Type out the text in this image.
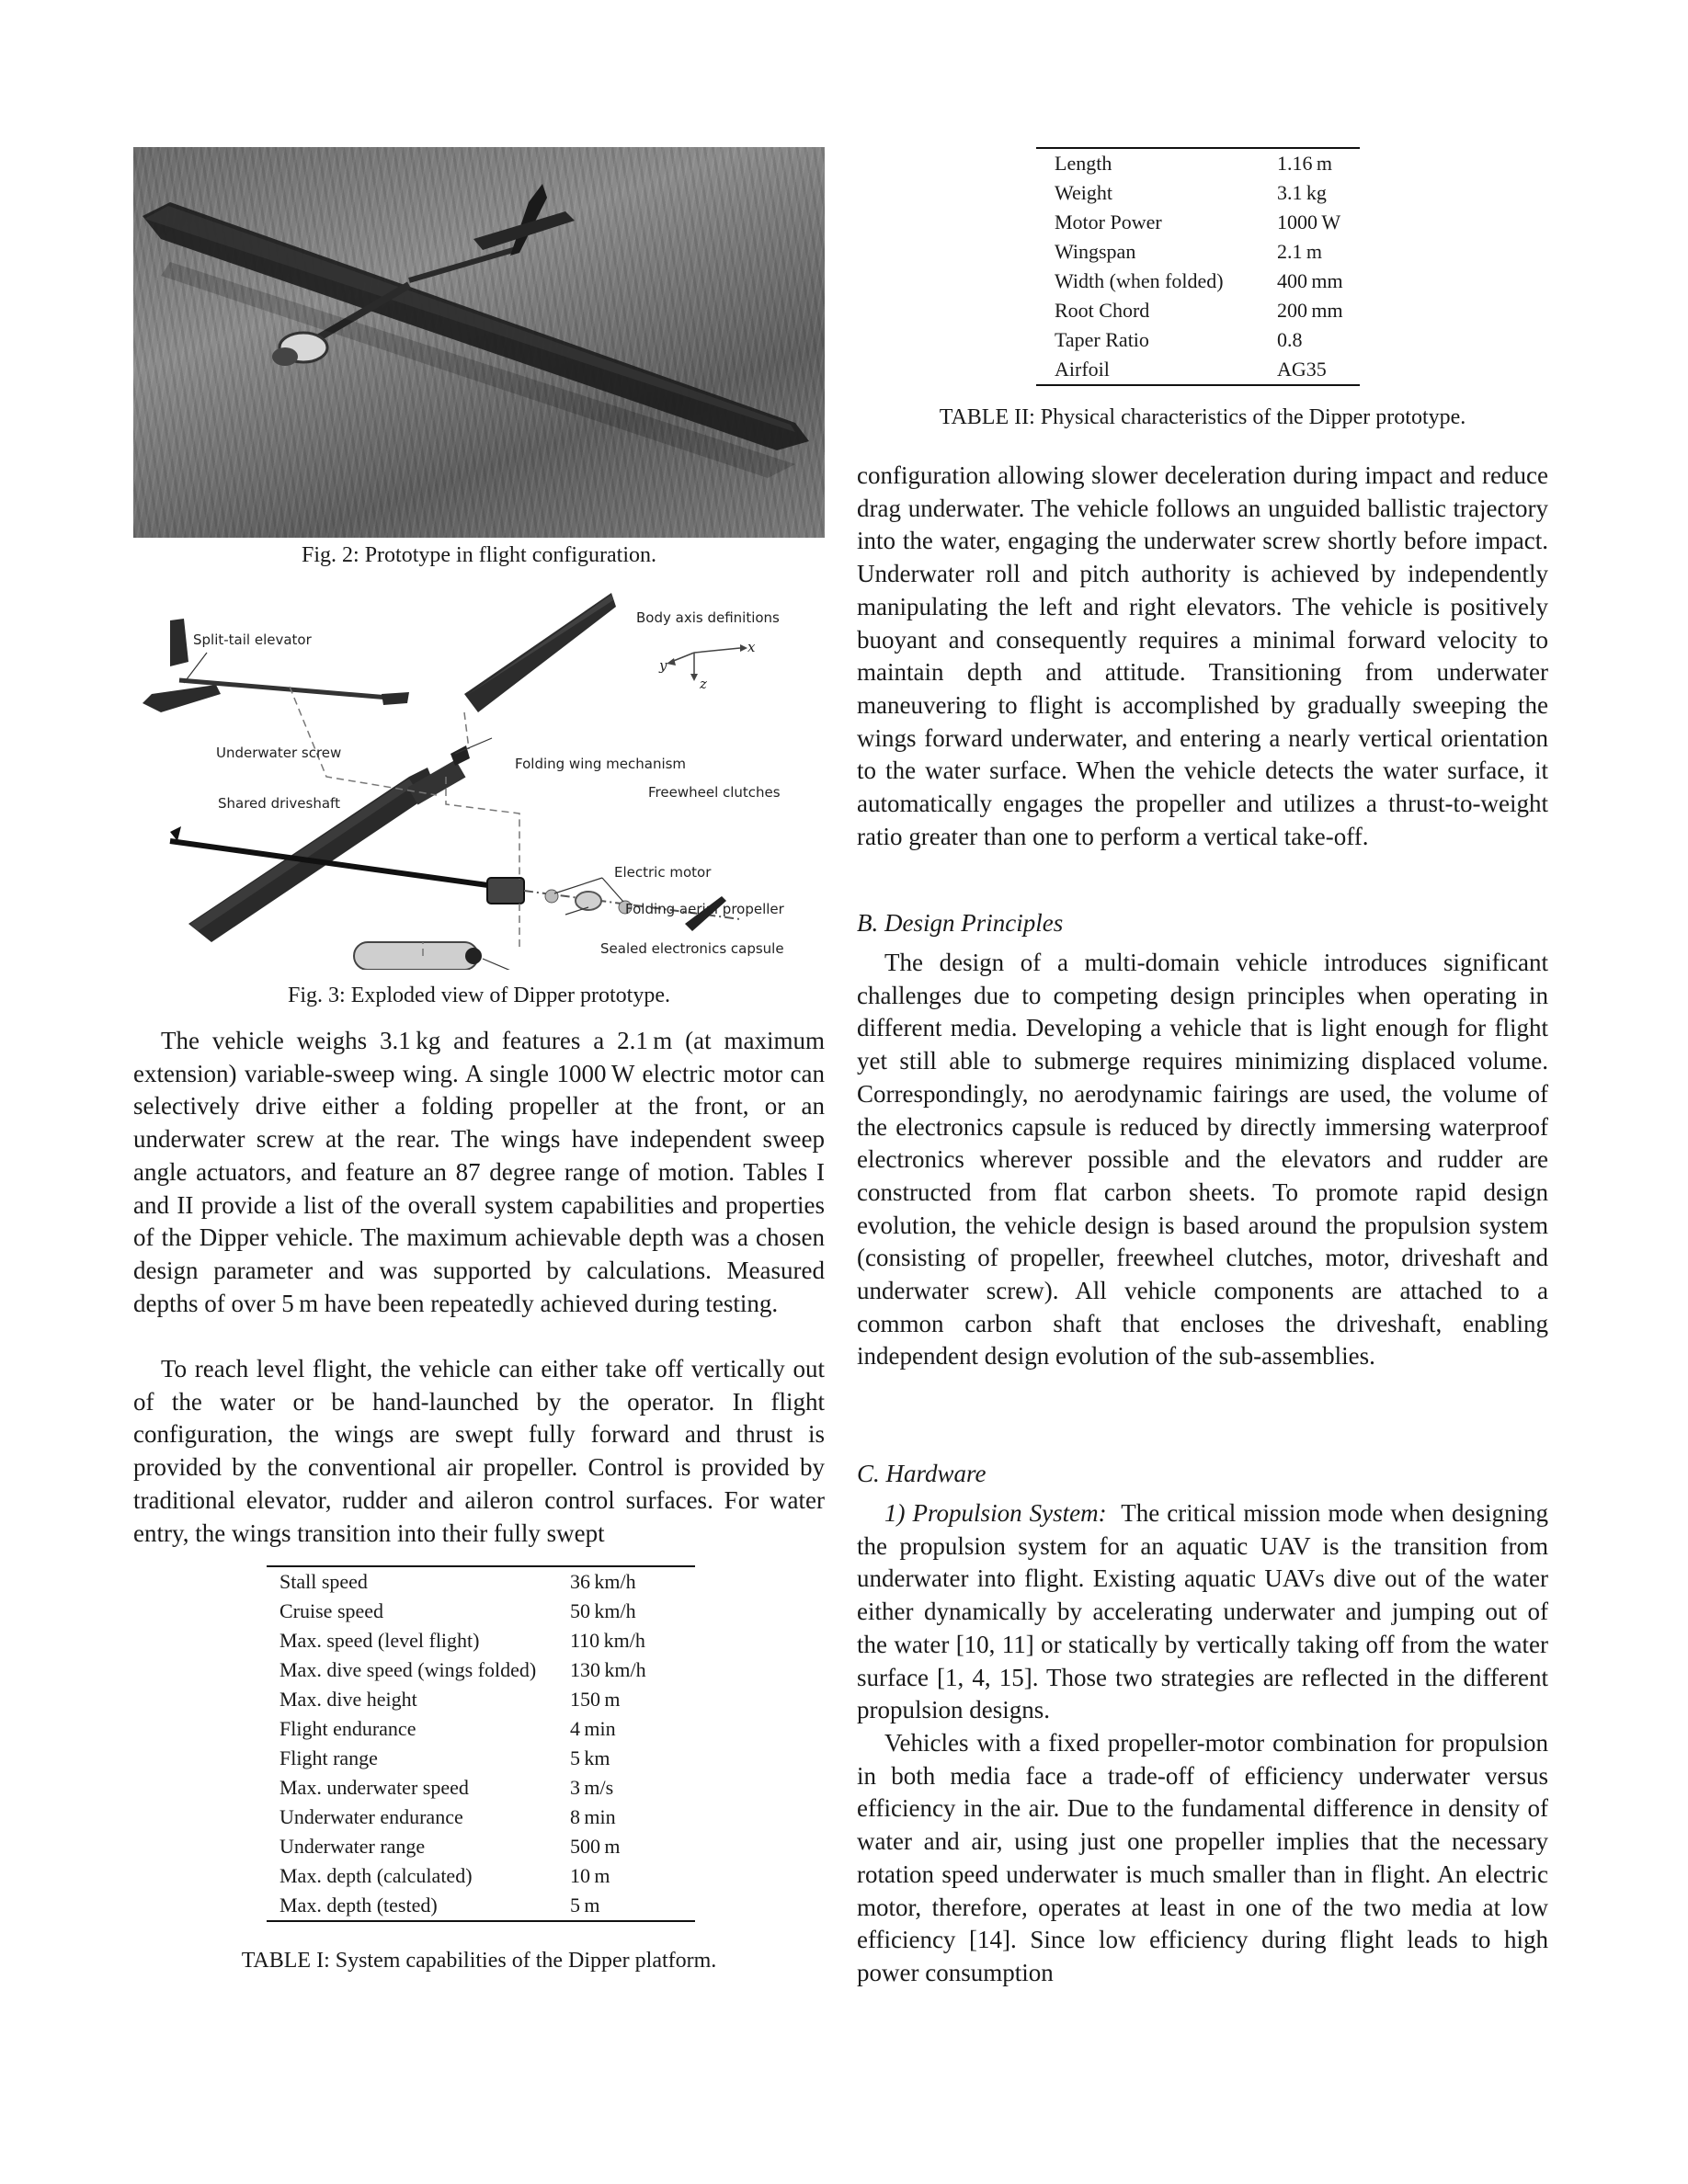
Fig. 2: Prototype in flight configuration.
Split-tail elevator
Body axis definitions
x
y
z
Underwater screw
Folding wing mechanism
Shared driveshaft
Freewheel clutches
Electric motor
Folding aerial propeller
Sealed electronics capsule
Fig. 3: Exploded view of Dipper prototype.

The vehicle weighs 3.1 kg and features a 2.1 m (at maximum extension) variable-sweep wing. A single 1000 W electric motor can selectively drive either a folding propeller at the front, or an underwater screw at the rear. The wings have independent sweep angle actuators, and feature an 87 degree range of motion. Tables I and II provide a list of the overall system capabilities and properties of the Dipper vehicle. The maximum achievable depth was a chosen design parameter and was supported by calculations. Measured depths of over 5 m have been repeatedly achieved during testing.

To reach level flight, the vehicle can either take off vertically out of the water or be hand-launched by the operator. In flight configuration, the wings are swept fully forward and thrust is provided by the conventional air propeller. Control is provided by traditional elevator, rudder and aileron control surfaces. For water entry, the wings transition into their fully swept

Stall speed	36 km/h
Cruise speed	50 km/h
Max. speed (level flight)	110 km/h
Max. dive speed (wings folded)	130 km/h
Max. dive height	150 m
Flight endurance	4 min
Flight range	5 km
Max. underwater speed	3 m/s
Underwater endurance	8 min
Underwater range	500 m
Max. depth (calculated)	10 m
Max. depth (tested)	5 m
TABLE I: System capabilities of the Dipper platform.
Length	1.16 m
Weight	3.1 kg
Motor Power	1000 W
Wingspan	2.1 m
Width (when folded)	400 mm
Root Chord	200 mm
Taper Ratio	0.8
Airfoil	AG35
TABLE II: Physical characteristics of the Dipper prototype.

configuration allowing slower deceleration during impact and reduce drag underwater. The vehicle follows an unguided ballistic trajectory into the water, engaging the underwater screw shortly before impact. Underwater roll and pitch authority is achieved by independently manipulating the left and right elevators. The vehicle is positively buoyant and consequently requires a minimal forward velocity to maintain depth and attitude. Transitioning from underwater maneuvering to flight is accomplished by gradually sweeping the wings forward underwater, and entering a nearly vertical orientation to the water surface. When the vehicle detects the water surface, it automatically engages the propeller and utilizes a thrust-to-weight ratio greater than one to perform a vertical take-off.

B. Design Principles

The design of a multi-domain vehicle introduces significant challenges due to competing design principles when operating in different media. Developing a vehicle that is light enough for flight yet still able to submerge requires minimizing displaced volume. Correspondingly, no aerodynamic fairings are used, the volume of the electronics capsule is reduced by directly immersing waterproof electronics wherever possible and the elevators and rudder are constructed from flat carbon sheets. To promote rapid design evolution, the vehicle design is based around the propulsion system (consisting of propeller, freewheel clutches, motor, driveshaft and underwater screw). All vehicle components are attached to a common carbon shaft that encloses the driveshaft, enabling independent design evolution of the sub-assemblies.

C. Hardware

1) Propulsion System: The critical mission mode when designing the propulsion system for an aquatic UAV is the transition from underwater into flight. Existing aquatic UAVs dive out of the water either dynamically by accelerating underwater and jumping out of the water [10, 11] or statically by vertically taking off from the water surface [1, 4, 15]. Those two strategies are reflected in the different propulsion designs.

Vehicles with a fixed propeller-motor combination for propulsion in both media face a trade-off of efficiency underwater versus efficiency in the air. Due to the fundamental difference in density of water and air, using just one propeller implies that the necessary rotation speed underwater is much smaller than in flight. An electric motor, therefore, operates at least in one of the two media at low efficiency [14]. Since low efficiency during flight leads to high power consumption
